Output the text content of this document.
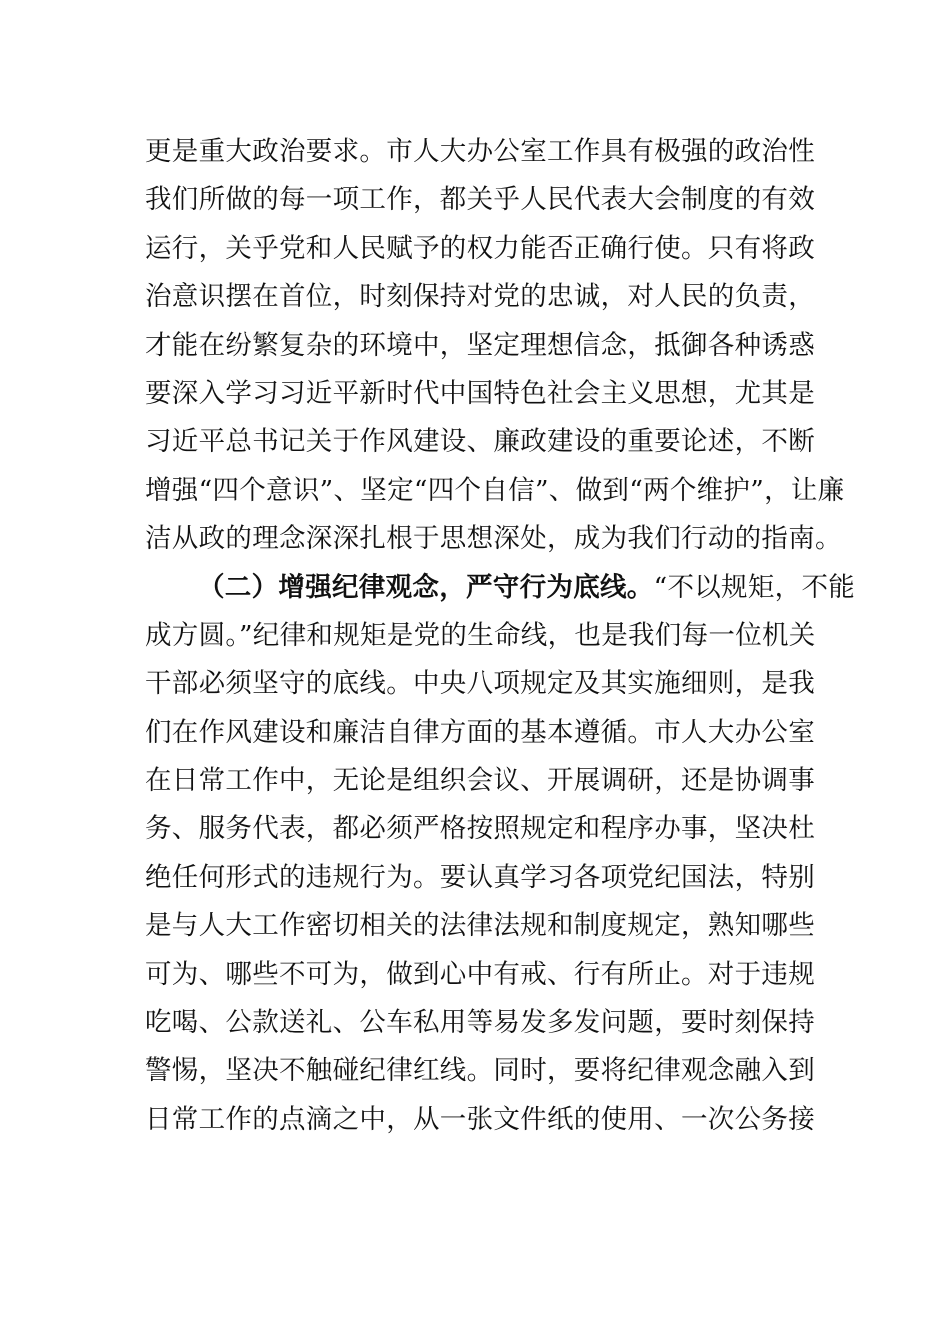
更是重大政治要求。市人大办公室工作具有极强的政治性
我们所做的每一项工作，都关乎人民代表大会制度的有效
运行，关乎党和人民赋予的权力能否正确行使。只有将政
治意识摆在首位，时刻保持对党的忠诚，对人民的负责，
才能在纷繁复杂的环境中，坚定理想信念，抵御各种诱惑
要深入学习习近平新时代中国特色社会主义思想，尤其是
习近平总书记关于作风建设、廉政建设的重要论述，不断
增强“四个意识”、坚定“四个自信”、做到“两个维护”，让廉
洁从政的理念深深扎根于思想深处，成为我们行动的指南。
（二）增强纪律观念，严守行为底线。“不以规矩，不能
成方圆。”纪律和规矩是党的生命线，也是我们每一位机关
干部必须坚守的底线。中央八项规定及其实施细则，是我
们在作风建设和廉洁自律方面的基本遵循。市人大办公室
在日常工作中，无论是组织会议、开展调研，还是协调事
务、服务代表，都必须严格按照规定和程序办事，坚决杜
绝任何形式的违规行为。要认真学习各项党纪国法，特别
是与人大工作密切相关的法律法规和制度规定，熟知哪些
可为、哪些不可为，做到心中有戒、行有所止。对于违规
吃喝、公款送礼、公车私用等易发多发问题，要时刻保持
警惕，坚决不触碰纪律红线。同时，要将纪律观念融入到
日常工作的点滴之中，从一张文件纸的使用、一次公务接
